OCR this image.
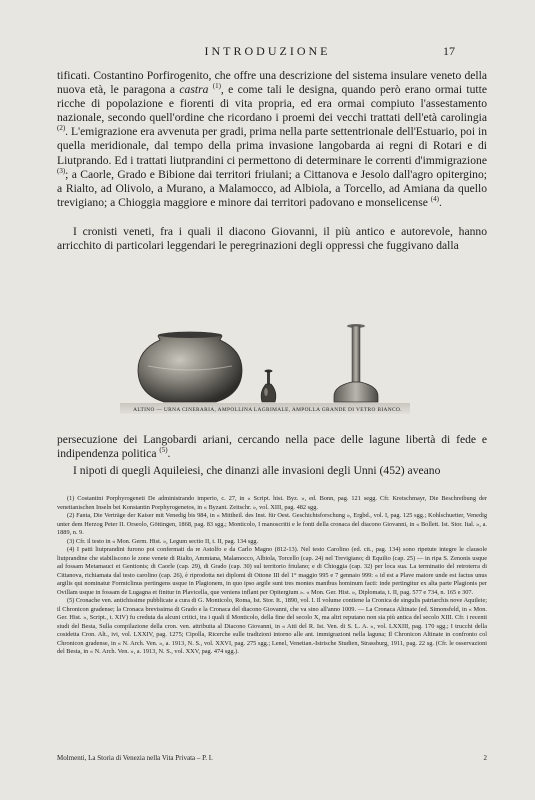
INTRODUZIONE	17

tificati. Costantino Porfirogenito, che offre una descrizione del sistema insulare veneto della nuova età, le paragona a castra $^{(1)}$, e come tali le designa, quando però erano ormai tutte ricche di popolazione e fiorenti di vita propria, ed era ormai compiuto l'assestamento nazionale, secondo quell'ordine che ricordano i proemi dei vecchi trattati dell'età carolingia $^{(2)}$. L'emigrazione era avvenuta per gradi, prima nella parte settentrionale dell'Estuario, poi in quella meridionale, dal tempo della prima invasione langobarda ai regni di Rotari e di Liutprando. Ed i trattati liutprandini ci permettono di determinare le correnti d'immigrazione $^{(3)}$; a Caorle, Grado e Bibione dai territori friulani; a Cittanova e Jesolo dall'agro opitergino; a Rialto, ad Olivolo, a Murano, a Malamocco, ad Albiola, a Torcello, ad Amiana da quello trevigiano; a Chioggia maggiore e minore dai territori padovano e monselicense $^{(4)}$.

I cronisti veneti, fra i quali il diacono Giovanni, il più antico e autorevole, hanno arricchito di particolari leggendari le peregrinazioni degli oppressi che fuggivano dalla

ALTINO — URNA CINERARIA, AMPOLLINA LAGRIMALE, AMPOLLA GRANDE DI VETRO BIANCO.

persecuzione dei Langobardi ariani, cercando nella pace delle lagune libertà di fede e indipendenza politica $^{(5)}$.

I nipoti di quegli Aquileiesi, che dinanzi alle invasioni degli Unni (452) aveano

(1) Costantini Porphyrogeneti De administrando imperio, c. 27, in « Script. hist. Byz. », ed. Bonn, pag. 121 segg. Cfr. Kretschmayr, Die Beschreibung der venetianischen Inseln bei Konstantin Porphyrogenetos, in « Byzant. Zeitschr. », vol. XIII, pag. 482 sgg.

(2) Fanta, Die Verträge der Kaiser mit Venedig bis 984, in « Mittheil. des Inst. für Oest. Geschichtsforschung », Ergbd., vol. I, pag. 125 sgg.; Kohlschuetter, Venedig unter dem Herzog Peter II. Orseolo, Göttingen, 1868, pag. 83 sgg.; Monticolo, I manoscritti e le fonti della cronaca del diacono Giovanni, in « Bollett. Ist. Stor. Ital. », a. 1889, n. 9.

(3) Cfr. il testo in « Mon. Germ. Hist. », Legum sectio II, t. II, pag. 134 sgg.

(4) I patti liutprandini furono poi confermati da re Astolfo e da Carlo Magno (812-13). Nel testo Carolino (ed. cit., pag. 134) sono ripetute integre le clausole liutprandine che stabiliscono le zone venete di Rialto, Ammiana, Malamocco, Albiola, Torcello (cap. 24) nel Trevigiano; di Equilio (cap. 25) — in ripa S. Zenonis usque ad fossam Metamauci et Gentionis; di Caorle (cap. 29), di Grado (cap. 30) sul territorio friulano; e di Chioggia (cap. 32) per loca sua. La terminatio del retroterra di Cittanova, richiamata dal testo carolino (cap. 26), è riprodotta nei diplomi di Ottone III del 1° maggio 995 e 7 gennaio 999: « id est a Plave maiore unde est factus unus argilis qui nominatur Formiclinus pertingens usque in Plagionem, in quo ipso argile sunt tres montes manibus hominum facti: inde pertingitur ex alta parte Plagionis per Ovillam usque in fossam de Lugagna et finitur in Plavicella, que veniens inflant per Opitergium ». « Mon. Ger. Hist. », Diplomata, t. II, pag. 577 e 734, n. 165 e 307.

(5) Cronache ven. antichissime pubblicate a cura di G. Monticolo, Roma, Ist. Stor. It., 1890, vol. I. Il volume contiene la Cronica de singulis patriarchis nove Aquileie; il Chronicon gradense; la Cronaca brevissima di Grado e la Cronaca del diacono Giovanni, che va sino all'anno 1009. — La Cronaca Altinate (ed. Simonsfeld, in « Mon. Ger. Hist. », Script., t. XIV) fu creduta da alcuni critici, tra i quali il Monticolo, della fine del secolo X, ma altri reputano non sia più antica del secolo XIII. Cfr. i recenti studi del Besta, Sulla compilazione della cron. ven. attribuita al Diacono Giovanni, in « Atti del R. Ist. Ven. di S. L. A. », vol. LXXIII, pag. 170 sgg.; I trucchi della cosidetta Cron. Alt., ivi, vol. LXXIV, pag. 1275; Cipolla, Ricerche sulle tradizioni intorno alle ant. immigrazioni nella laguna; Il Chronicon Altinate in confronto col Chronicon gradense, in « N. Arch. Ven. », a. 1913, N. S., vol. XXVI, pag. 275 sgg.; Lenel, Venetian.-Istrische Studien, Strassburg, 1911, pag. 22 sg. (Cfr. le osservazioni del Besta, in « N. Arch. Ven. », a. 1913, N. S., vol. XXV, pag. 474 sgg.).

Molmenti, La Storia di Venezia nella Vita Privata – P. I.	2
